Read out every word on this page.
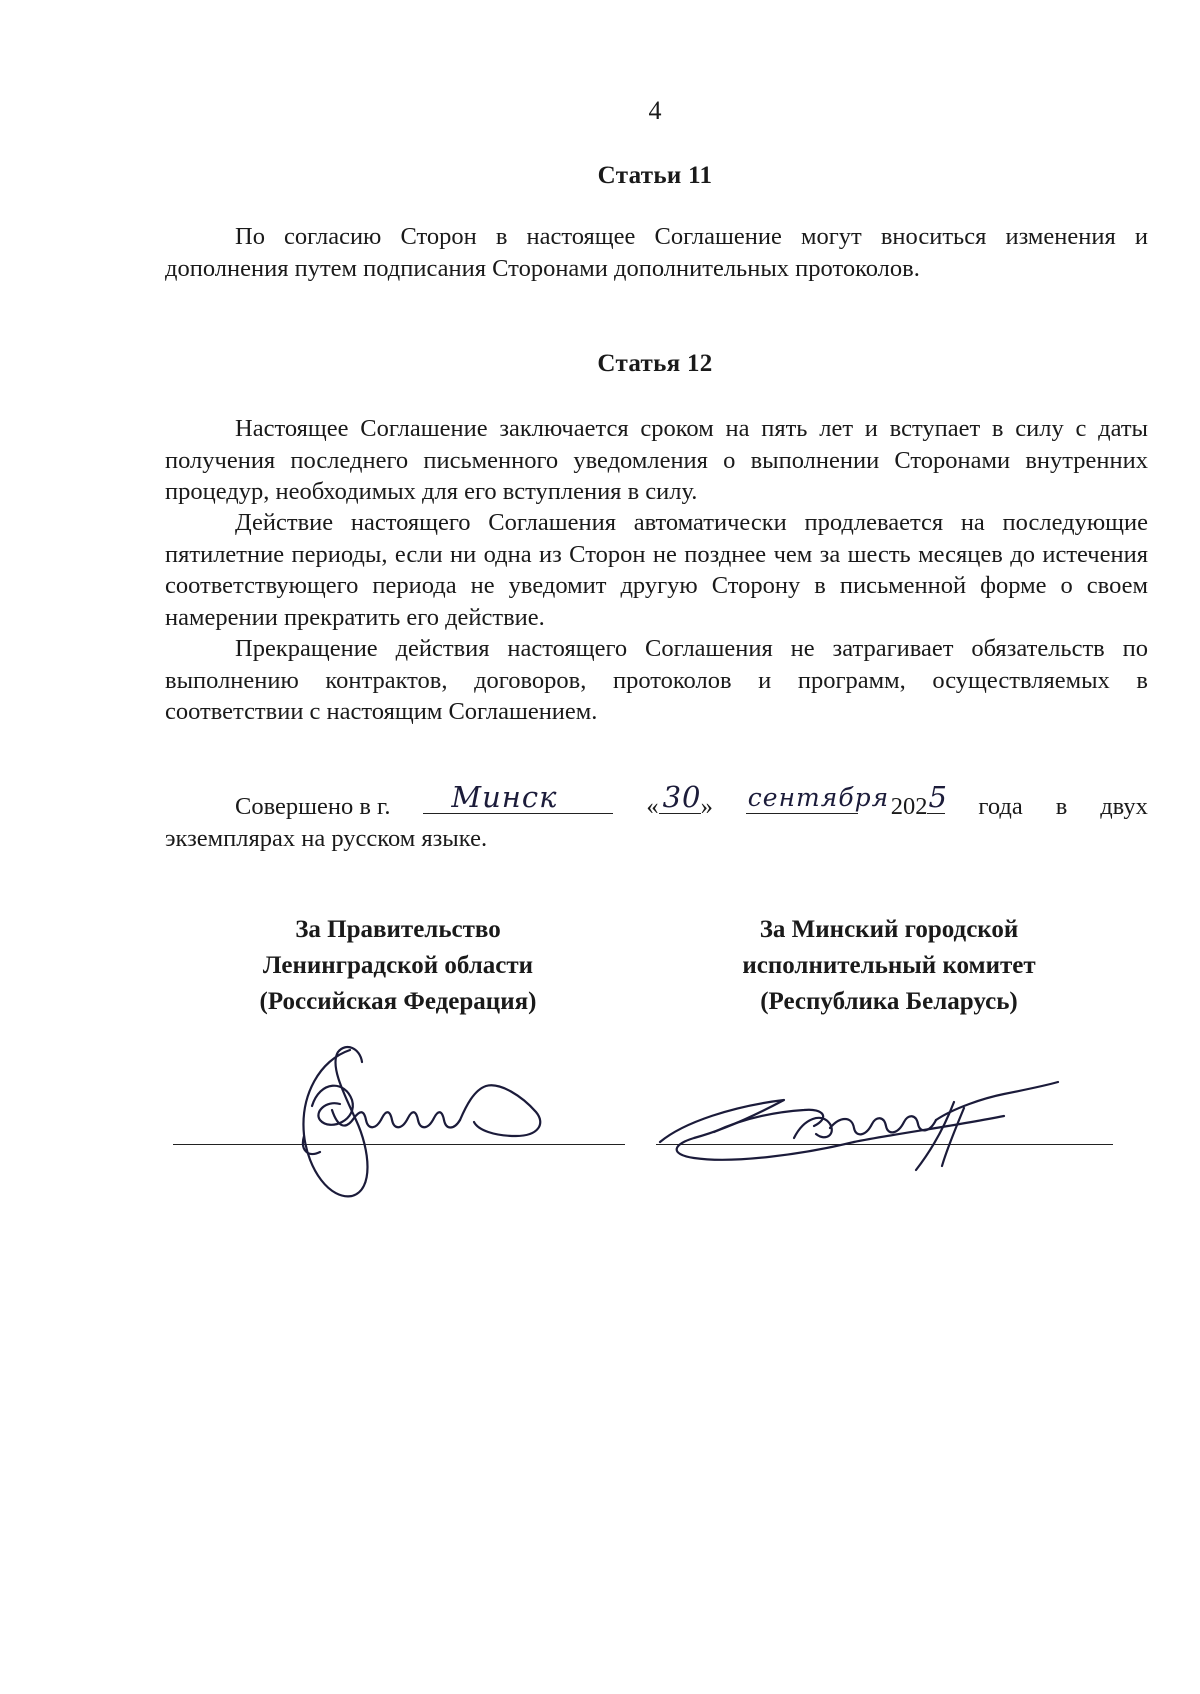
4
Статьи 11

По согласию Сторон в настоящее Соглашение могут вноситься изменения и дополнения путем подписания Сторонами дополнительных протоколов.

Статья 12

Настоящее Соглашение заключается сроком на пять лет и вступает в силу с даты получения последнего письменного уведомления о выполнении Сторонами внутренних процедур, необходимых для его вступления в силу.

Действие настоящего Соглашения автоматически продлевается на последующие пятилетние периоды, если ни одна из Сторон не позднее чем за шесть месяцев до истечения соответствующего периода не уведомит другую Сторону в письменной форме о своем намерении прекратить его действие.

Прекращение действия настоящего Соглашения не затрагивает обязательств по выполнению контрактов, договоров, протоколов и программ, осуществляемых в соответствии с настоящим Соглашением.

Совершено в г. Минск	« 30 » сентября 202 5 года в двух
экземплярах на русском языке.
За Правительство
Ленинградской области
(Российская Федерация)
За Минский городской
исполнительный комитет
(Республика Беларусь)
